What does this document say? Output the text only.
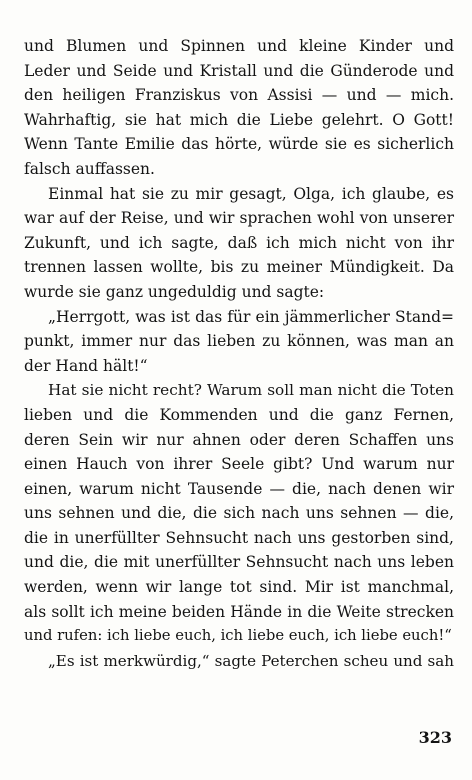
und Blumen und Spinnen und kleine Kinder und
Leder und Seide und Kristall und die Günderode und
den heiligen Franziskus von Assisi — und — mich.
Wahrhaftig, sie hat mich die Liebe gelehrt. O Gott!
Wenn Tante Emilie das hörte, würde sie es sicherlich
falsch auffassen.
Einmal hat sie zu mir gesagt, Olga, ich glaube, es
war auf der Reise, und wir sprachen wohl von unserer
Zukunft, und ich sagte, daß ich mich nicht von ihr
trennen lassen wollte, bis zu meiner Mündigkeit. Da
wurde sie ganz ungeduldig und sagte:
„Herrgott, was ist das für ein jämmerlicher Stand=
punkt, immer nur das lieben zu können, was man an
der Hand hält!“
Hat sie nicht recht? Warum soll man nicht die Toten
lieben und die Kommenden und die ganz Fernen,
deren Sein wir nur ahnen oder deren Schaffen uns
einen Hauch von ihrer Seele gibt? Und warum nur
einen, warum nicht Tausende — die, nach denen wir
uns sehnen und die, die sich nach uns sehnen — die,
die in unerfüllter Sehnsucht nach uns gestorben sind,
und die, die mit unerfüllter Sehnsucht nach uns leben
werden, wenn wir lange tot sind. Mir ist manchmal,
als sollt ich meine beiden Hände in die Weite strecken
und rufen: ich liebe euch, ich liebe euch, ich liebe euch!“
„Es ist merkwürdig,“ sagte Peterchen scheu und sah
323
